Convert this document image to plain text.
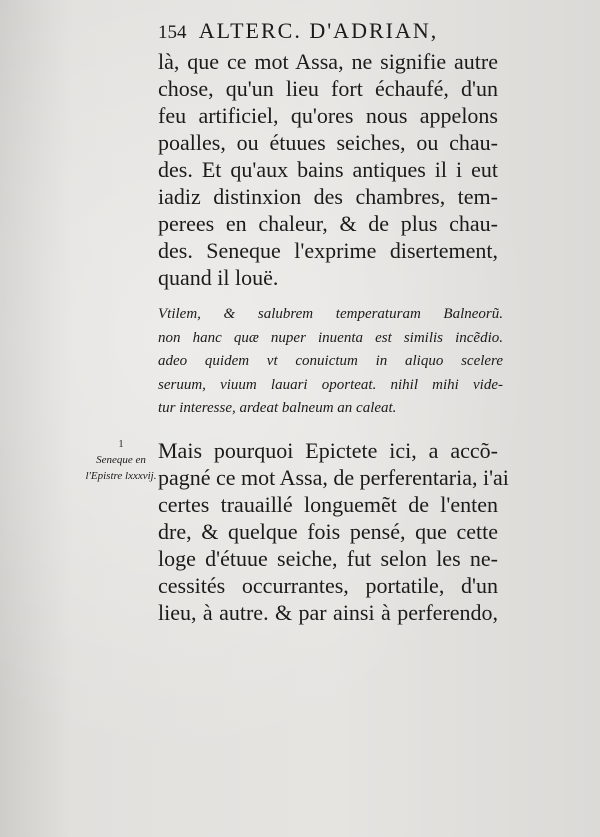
154 ALTERC. D'ADRIAN,
là, que ce mot Assa, ne signifie autre
chose, qu'un lieu fort échaufé, d'un
feu artificiel, qu'ores nous appelons
poalles, ou étuues seiches, ou chau-
des. Et qu'aux bains antiques il i eut
iadiz distinxion des chambres, tem-
perees en chaleur, & de plus chau-
des. Seneque l'exprime disertement,
quand il louë.
Vtilem, & salubrem temperaturam Balneorũ.
non hanc quæ nuper inuenta est similis incẽdio.
adeo quidem vt conuictum in aliquo scelere
seruum, viuum lauari oporteat. nihil mihi vide-
tur interesse, ardeat balneum an caleat.
1
Seneque en l'Epistre lxxxvij.
Mais pourquoi Epictete ici, a accõ-
pagné ce mot Assa, de perferentaria, i'ai
certes trauaillé longuemẽt de l'enten
dre, & quelque fois pensé, que cette
loge d'étuue seiche, fut selon les ne-
cessités occurrantes, portatile, d'un
lieu, à autre. & par ainsi à perferendo,
